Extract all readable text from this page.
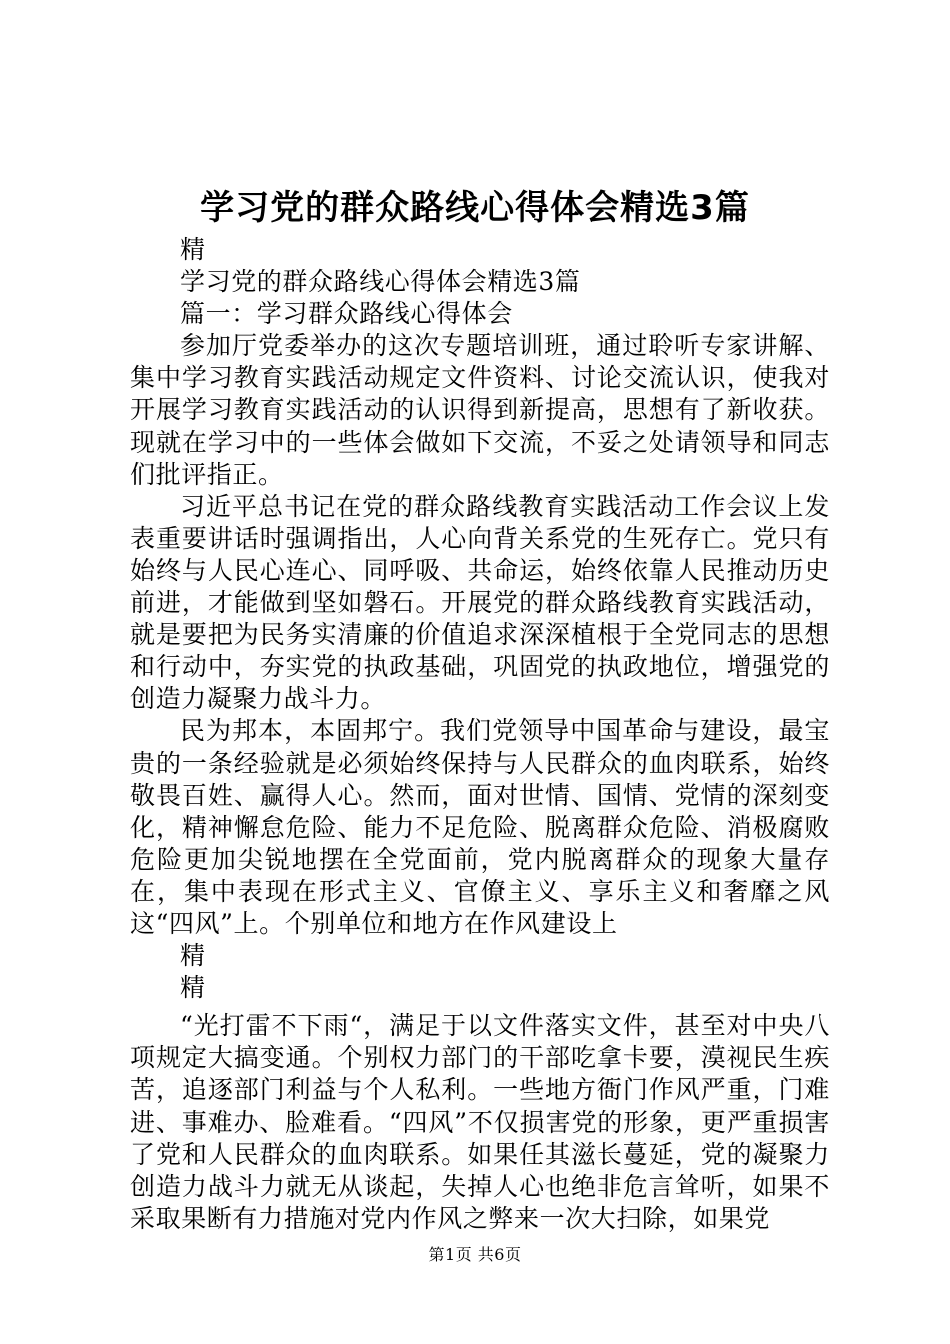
学习党的群众路线心得体会精选3篇

精

学习党的群众路线心得体会精选3篇

篇一：学习群众路线心得体会

参加厅党委举办的这次专题培训班，通过聆听专家讲解、集中学习教育实践活动规定文件资料、讨论交流认识，使我对开展学习教育实践活动的认识得到新提高，思想有了新收获。现就在学习中的一些体会做如下交流，不妥之处请领导和同志们批评指正。

习近平总书记在党的群众路线教育实践活动工作会议上发表重要讲话时强调指出，人心向背关系党的生死存亡。党只有始终与人民心连心、同呼吸、共命运，始终依靠人民推动历史前进，才能做到坚如磐石。开展党的群众路线教育实践活动，就是要把为民务实清廉的价值追求深深植根于全党同志的思想和行动中，夯实党的执政基础，巩固党的执政地位，增强党的创造力凝聚力战斗力。

民为邦本，本固邦宁。我们党领导中国革命与建设，最宝贵的一条经验就是必须始终保持与人民群众的血肉联系，始终敬畏百姓、赢得人心。然而，面对世情、国情、党情的深刻变化，精神懈怠危险、能力不足危险、脱离群众危险、消极腐败危险更加尖锐地摆在全党面前，党内脱离群众的现象大量存在，集中表现在形式主义、官僚主义、享乐主义和奢靡之风这“四风”上。个别单位和地方在作风建设上

精

精

“光打雷不下雨“，满足于以文件落实文件，甚至对中央八项规定大搞变通。个别权力部门的干部吃拿卡要，漠视民生疾苦，追逐部门利益与个人私利。一些地方衙门作风严重，门难进、事难办、脸难看。“四风”不仅损害党的形象，更严重损害了党和人民群众的血肉联系。如果任其滋长蔓延，党的凝聚力创造力战斗力就无从谈起，失掉人心也绝非危言耸听，如果不采取果断有力措施对党内作风之弊来一次大扫除，如果党

第1页 共6页
